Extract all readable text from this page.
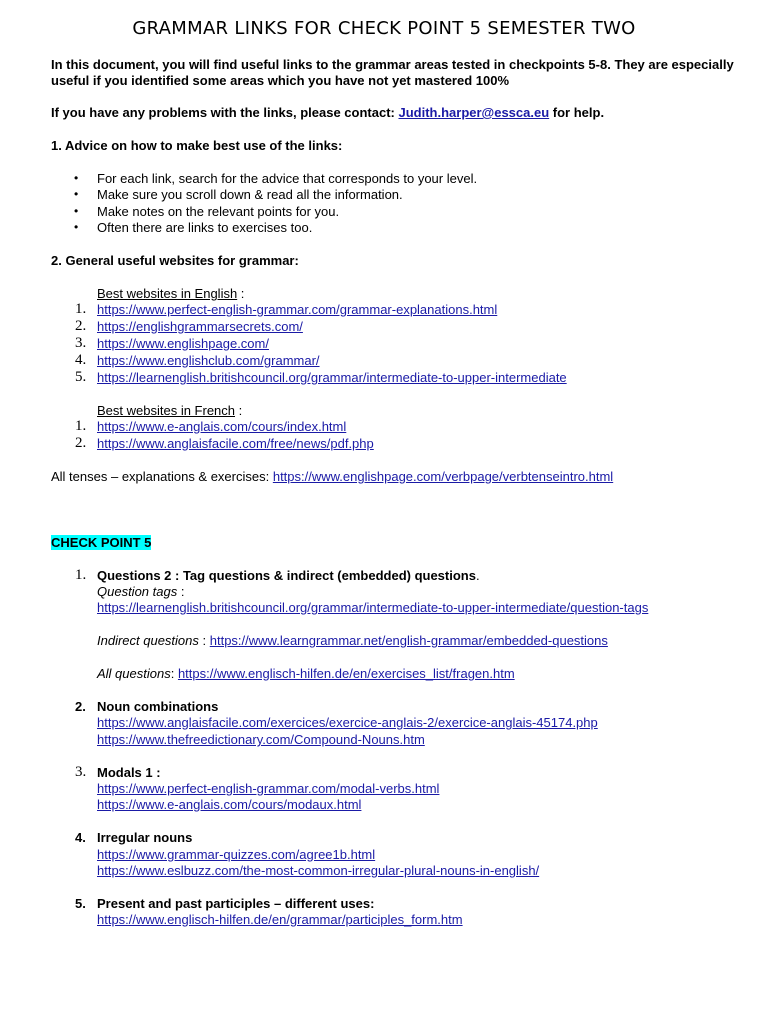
GRAMMAR LINKS FOR CHECK POINT 5 SEMESTER TWO
In this document, you will find useful links to the grammar areas tested in checkpoints 5-8. They are especially
useful if you identified some areas which you have not yet mastered 100%
If you have any problems with the links, please contact: Judith.harper@essca.eu for help.
1. Advice on how to make best use of the links:
• For each link, search for the advice that corresponds to your level.
• Make sure you scroll down & read all the information.
• Make notes on the relevant points for you.
• Often there are links to exercises too.
2. General useful websites for grammar:
Best websites in English :
1. https://www.perfect-english-grammar.com/grammar-explanations.html
2. https://englishgrammarsecrets.com/
3. https://www.englishpage.com/
4. https://www.englishclub.com/grammar/
5. https://learnenglish.britishcouncil.org/grammar/intermediate-to-upper-intermediate
Best websites in French :
1. https://www.e-anglais.com/cours/index.html
2. https://www.anglaisfacile.com/free/news/pdf.php
All tenses – explanations & exercises: https://www.englishpage.com/verbpage/verbtenseintro.html
CHECK POINT 5
1. Questions 2 : Tag questions & indirect (embedded) questions.
Question tags :
https://learnenglish.britishcouncil.org/grammar/intermediate-to-upper-intermediate/question-tags
Indirect questions : https://www.learngrammar.net/english-grammar/embedded-questions
All questions: https://www.englisch-hilfen.de/en/exercises_list/fragen.htm
2. Noun combinations
https://www.anglaisfacile.com/exercices/exercice-anglais-2/exercice-anglais-45174.php
https://www.thefreedictionary.com/Compound-Nouns.htm
3. Modals 1 :
https://www.perfect-english-grammar.com/modal-verbs.html
https://www.e-anglais.com/cours/modaux.html
4. Irregular nouns
https://www.grammar-quizzes.com/agree1b.html
https://www.eslbuzz.com/the-most-common-irregular-plural-nouns-in-english/
5. Present and past participles – different uses:
https://www.englisch-hilfen.de/en/grammar/participles_form.htm
